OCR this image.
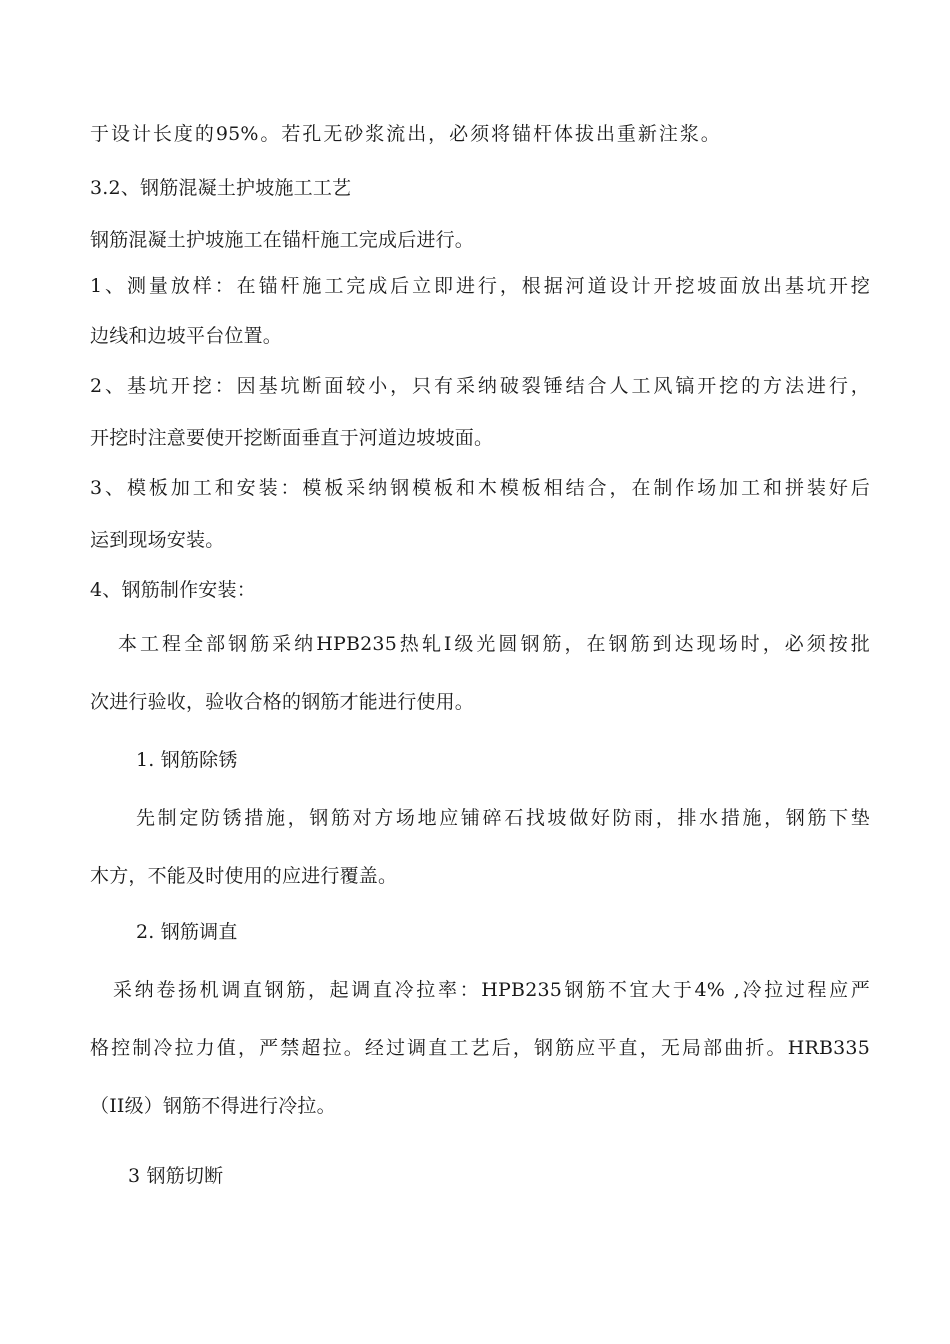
于设计长度的95%。若孔无砂浆流出，必须将锚杆体拔出重新注浆。
3.2、钢筋混凝土护坡施工工艺
钢筋混凝土护坡施工在锚杆施工完成后进行。
1、测量放样：在锚杆施工完成后立即进行，根据河道设计开挖坡面放出基坑开挖
边线和边坡平台位置。
2、基坑开挖：因基坑断面较小，只有采纳破裂锤结合人工风镐开挖的方法进行，
开挖时注意要使开挖断面垂直于河道边坡坡面。
3、模板加工和安装：模板采纳钢模板和木模板相结合，在制作场加工和拼装好后
运到现场安装。
4、钢筋制作安装：
本工程全部钢筋采纳HPB235热轧I级光圆钢筋，在钢筋到达现场时，必须按批
次进行验收，验收合格的钢筋才能进行使用。
1. 钢筋除锈
先制定防锈措施，钢筋对方场地应铺碎石找坡做好防雨，排水措施，钢筋下垫
木方，不能及时使用的应进行覆盖。
2. 钢筋调直
采纳卷扬机调直钢筋，起调直冷拉率：HPB235钢筋不宜大于4% ,冷拉过程应严
格控制冷拉力值，严禁超拉。经过调直工艺后，钢筋应平直，无局部曲折。HRB335
（II级）钢筋不得进行冷拉。
3 钢筋切断
